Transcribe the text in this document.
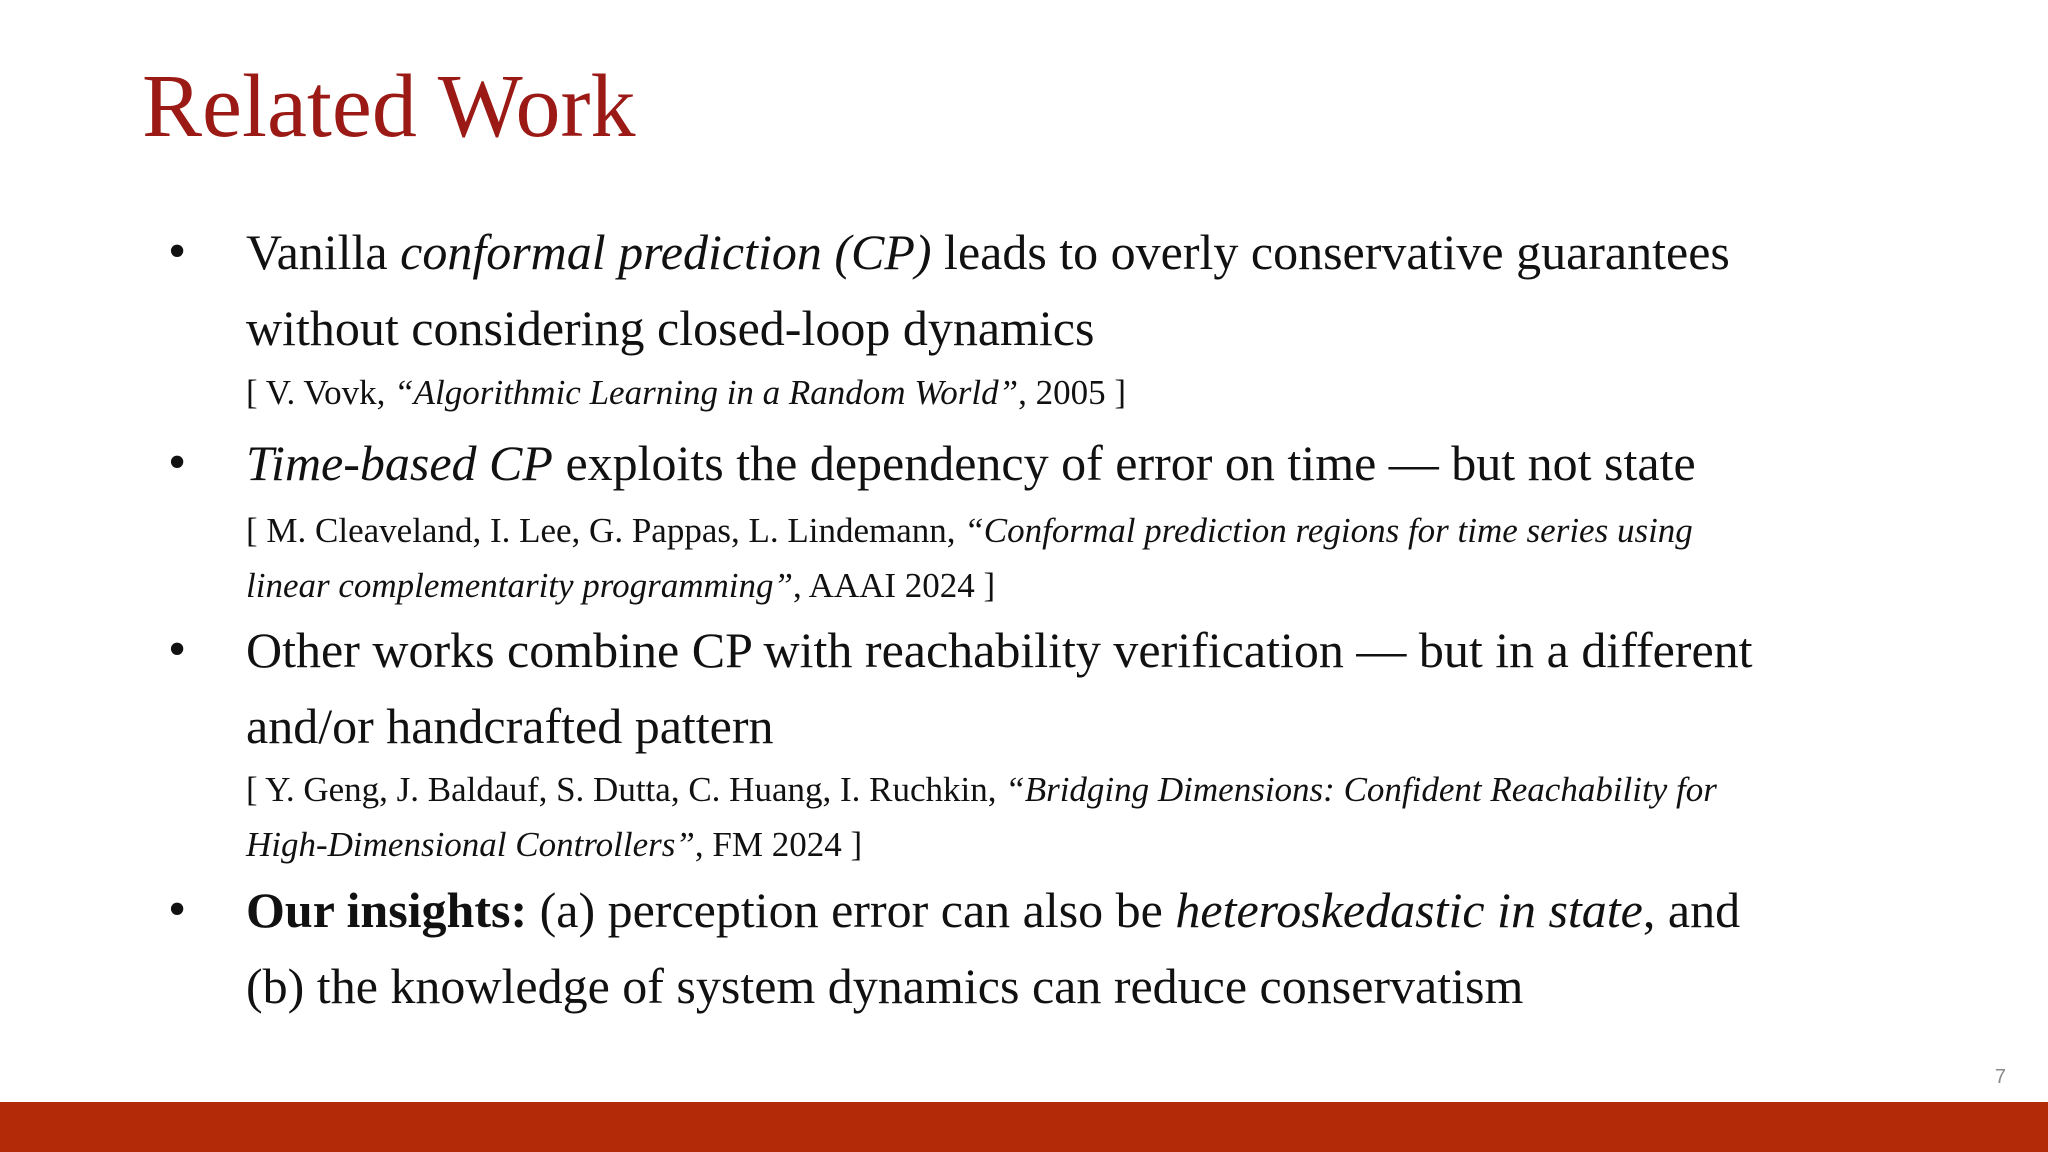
Related Work
• Vanilla conformal prediction (CP) leads to overly conservative guarantees
without considering closed-loop dynamics
[ V. Vovk, “Algorithmic Learning in a Random World”, 2005 ]
• Time-based CP exploits the dependency of error on time — but not state
[ M. Cleaveland, I. Lee, G. Pappas, L. Lindemann, “Conformal prediction regions for time series using
linear complementarity programming”, AAAI 2024 ]
• Other works combine CP with reachability verification — but in a different
and/or handcrafted pattern
[ Y. Geng, J. Baldauf, S. Dutta, C. Huang, I. Ruchkin, “Bridging Dimensions: Confident Reachability for
High-Dimensional Controllers”, FM 2024 ]
• Our insights: (a) perception error can also be heteroskedastic in state, and
(b) the knowledge of system dynamics can reduce conservatism
7
